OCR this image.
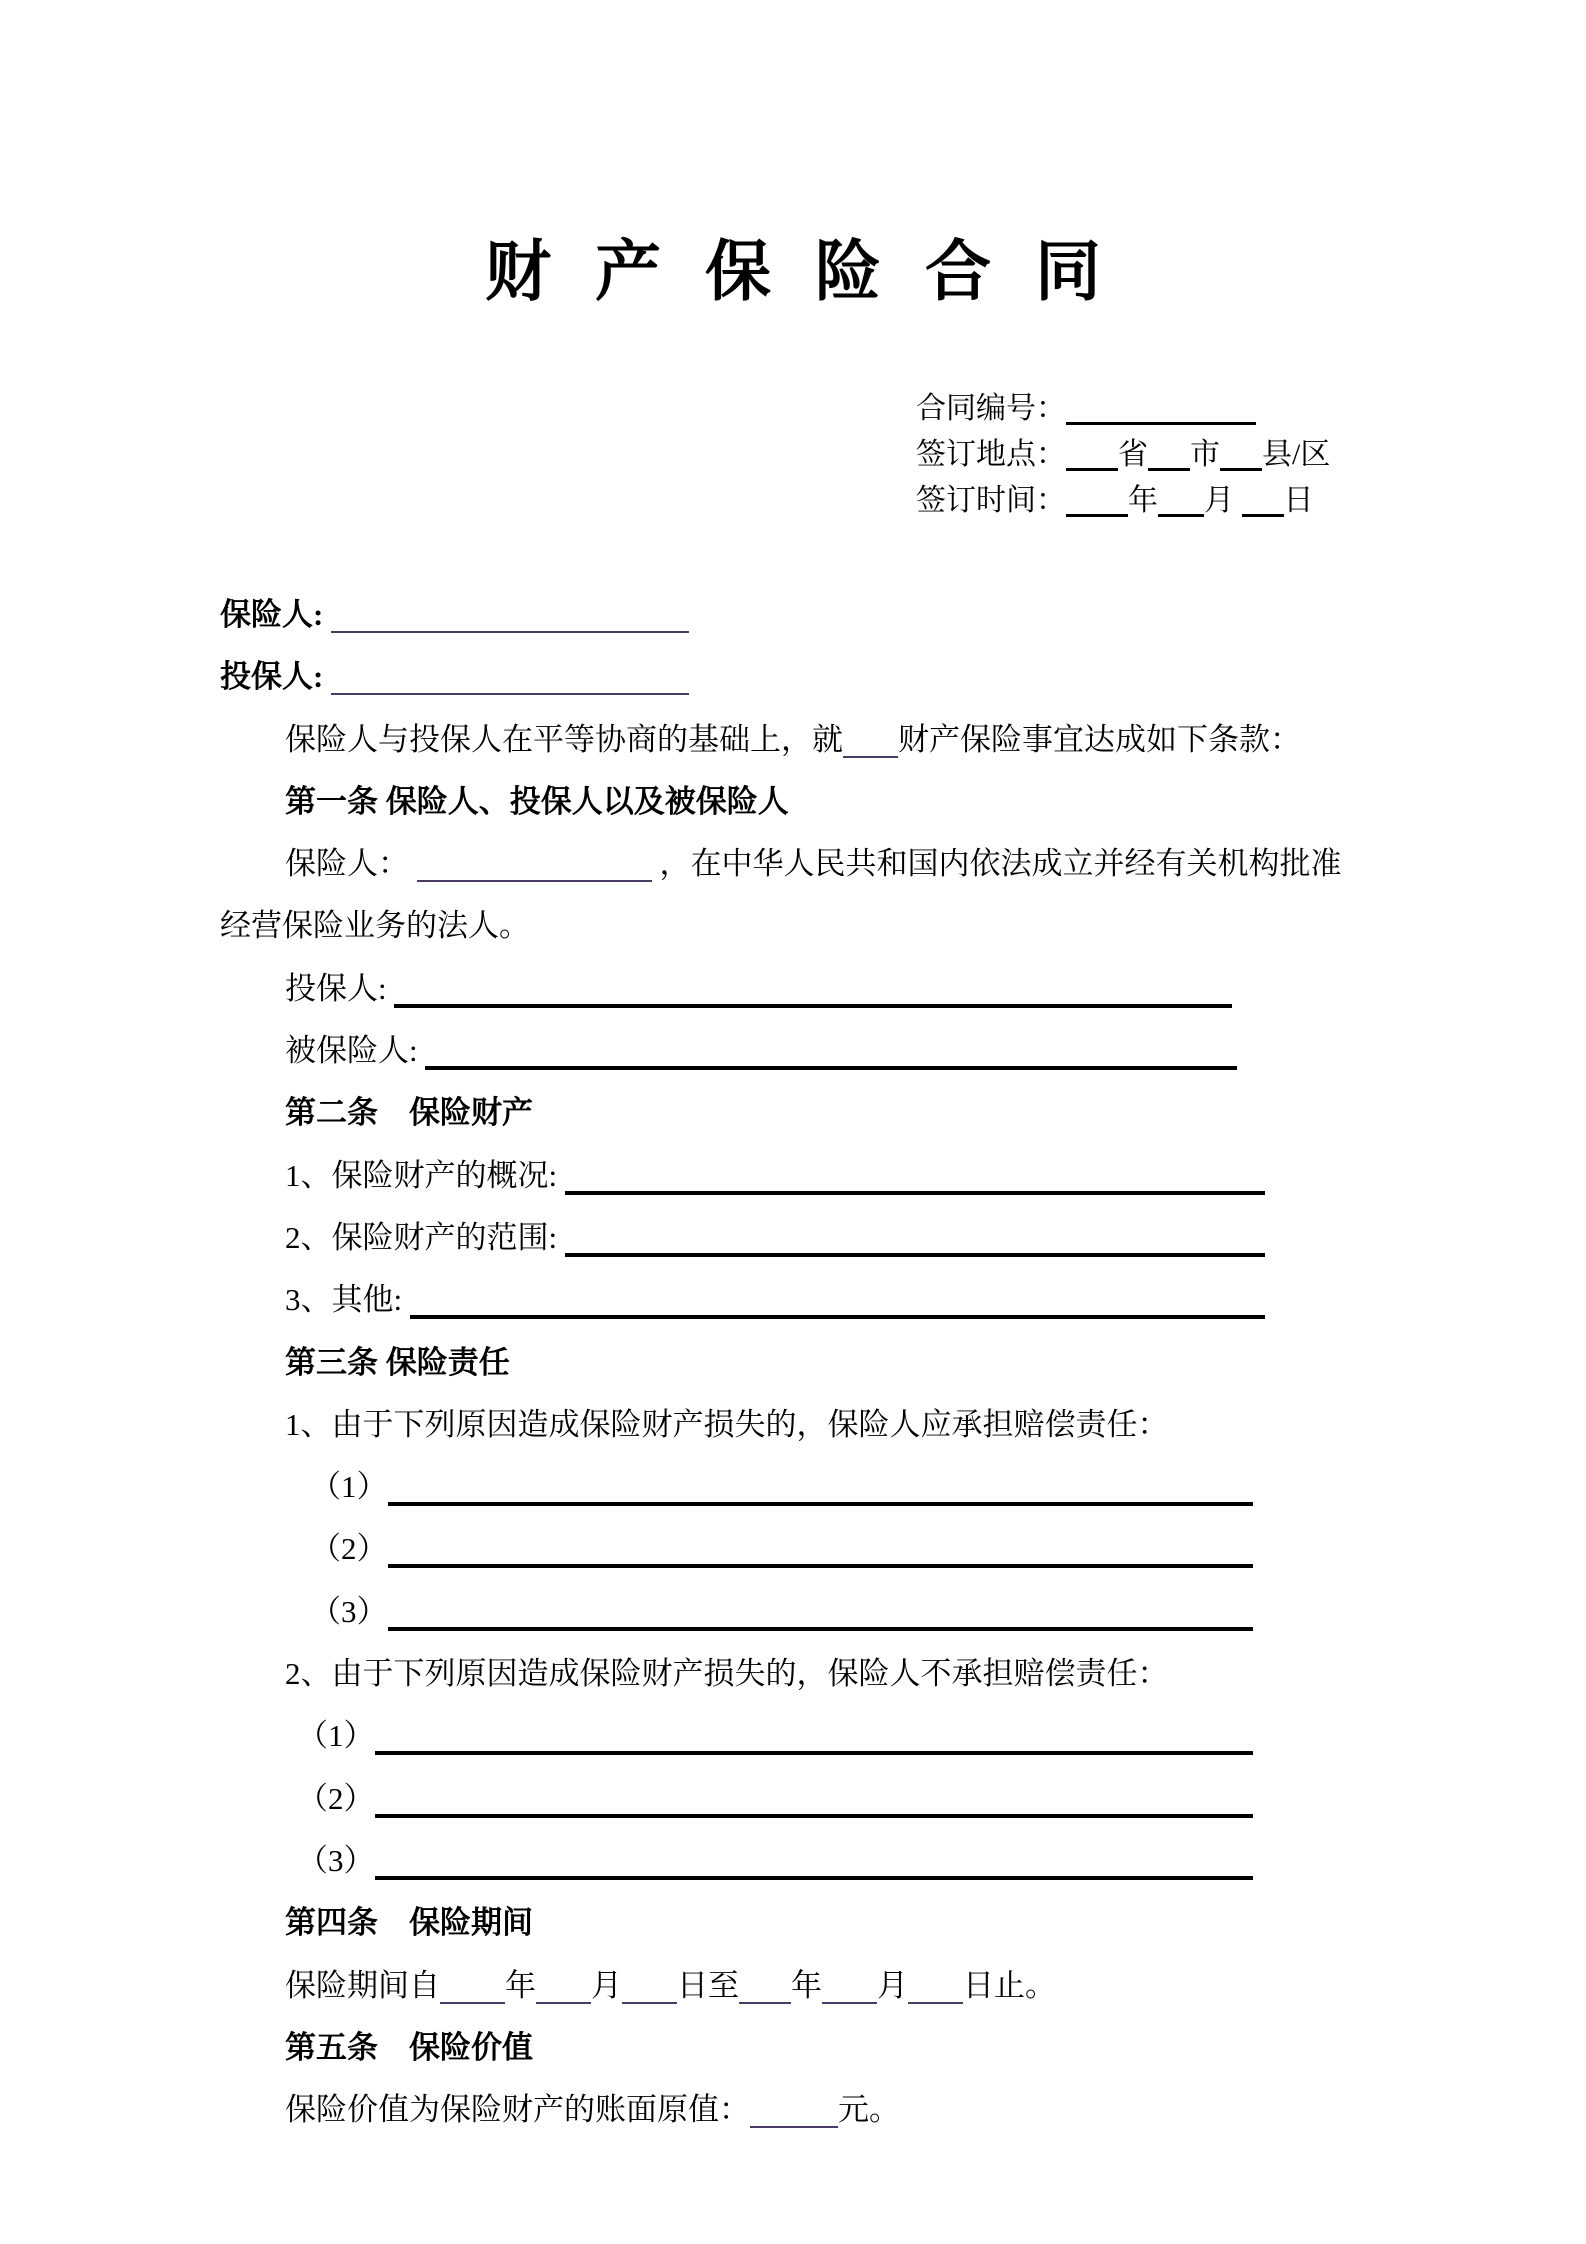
财产保险合同
合同编号：
签订地点： 省 市 县/区
签订时间： 年 月 日
保险人:
投保人:
保险人与投保人在平等协商的基础上，就 财产保险事宜达成如下条款：
第一条 保险人、投保人以及被保险人
保险人：	，在中华人民共和国内依法成立并经有关机构批准
经营保险业务的法人。
投保人:
被保险人:
第二条　保险财产
1、保险财产的概况:
2、保险财产的范围:
3、其他:
第三条 保险责任
1、由于下列原因造成保险财产损失的，保险人应承担赔偿责任：
（1）
（2）
（3）
2、由于下列原因造成保险财产损失的，保险人不承担赔偿责任：
（1）
（2）
（3）
第四条　保险期间
保险期间自 年 月 日至 年 月 日止。
第五条　保险价值
保险价值为保险财产的账面原值：	元。
